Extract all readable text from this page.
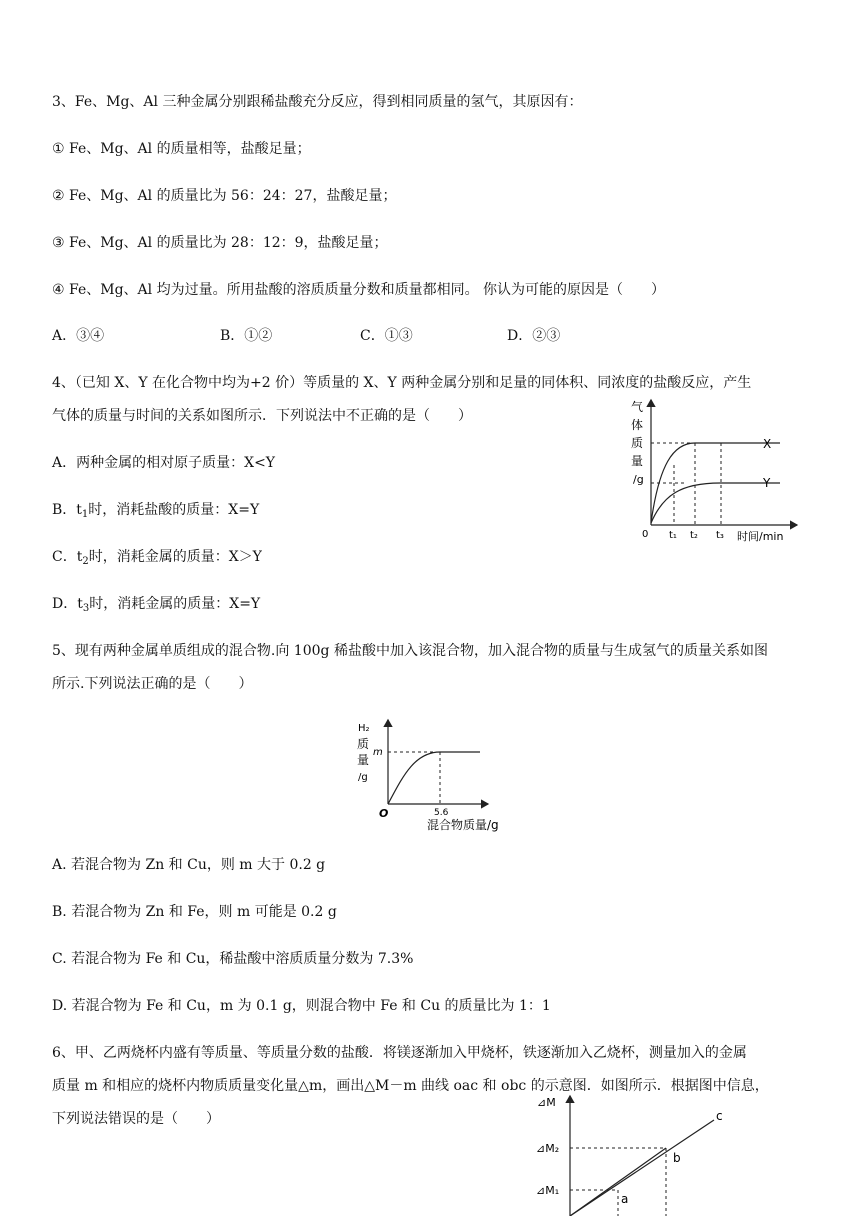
3、Fe、Mg、Al 三种金属分别跟稀盐酸充分反应，得到相同质量的氢气，其原因有：
① Fe、Mg、Al 的质量相等，盐酸足量；
② Fe、Mg、Al 的质量比为 56：24：27，盐酸足量；
③ Fe、Mg、Al 的质量比为 28：12：9，盐酸足量；
④ Fe、Mg、Al 均为过量。所用盐酸的溶质质量分数和质量都相同。 你认为可能的原因是（　　）
A．③④	B．①②	C．①③	D．②③
4、（已知 X、Y 在化合物中均为+2 价）等质量的 X、Y 两种金属分别和足量的同体积、同浓度的盐酸反应，产生
气体的质量与时间的关系如图所示．下列说法中不正确的是（　　）
A．两种金属的相对原子质量：X<Y
B．$t_1$时，消耗盐酸的质量：X=Y
C．$t_2$时，消耗金属的质量：X＞Y
D．$t_3$时，消耗金属的质量：X=Y
气
体
质
量
/g
X
Y
0 t₁ t₂ t₃ 时间/min
5、现有两种金属单质组成的混合物.向 100g 稀盐酸中加入该混合物，加入混合物的质量与生成氢气的质量关系如图
所示.下列说法正确的是（　　）
H₂
质
量
/g
m
O	5.6
混合物质量/g
A. 若混合物为 Zn 和 Cu，则 m 大于 0.2 g
B. 若混合物为 Zn 和 Fe，则 m 可能是 0.2 g
C. 若混合物为 Fe 和 Cu，稀盐酸中溶质质量分数为 7.3%
D. 若混合物为 Fe 和 Cu，m 为 0.1 g，则混合物中 Fe 和 Cu 的质量比为 1：1
6、甲、乙两烧杯内盛有等质量、等质量分数的盐酸．将镁逐渐加入甲烧杯，铁逐渐加入乙烧杯，测量加入的金属
质量 m 和相应的烧杯内物质质量变化量△m，画出△M－m 曲线 oac 和 obc 的示意图．如图所示．根据图中信息，
下列说法错误的是（　　）
⊿M
⊿M₂
⊿M₁
a
b
c
